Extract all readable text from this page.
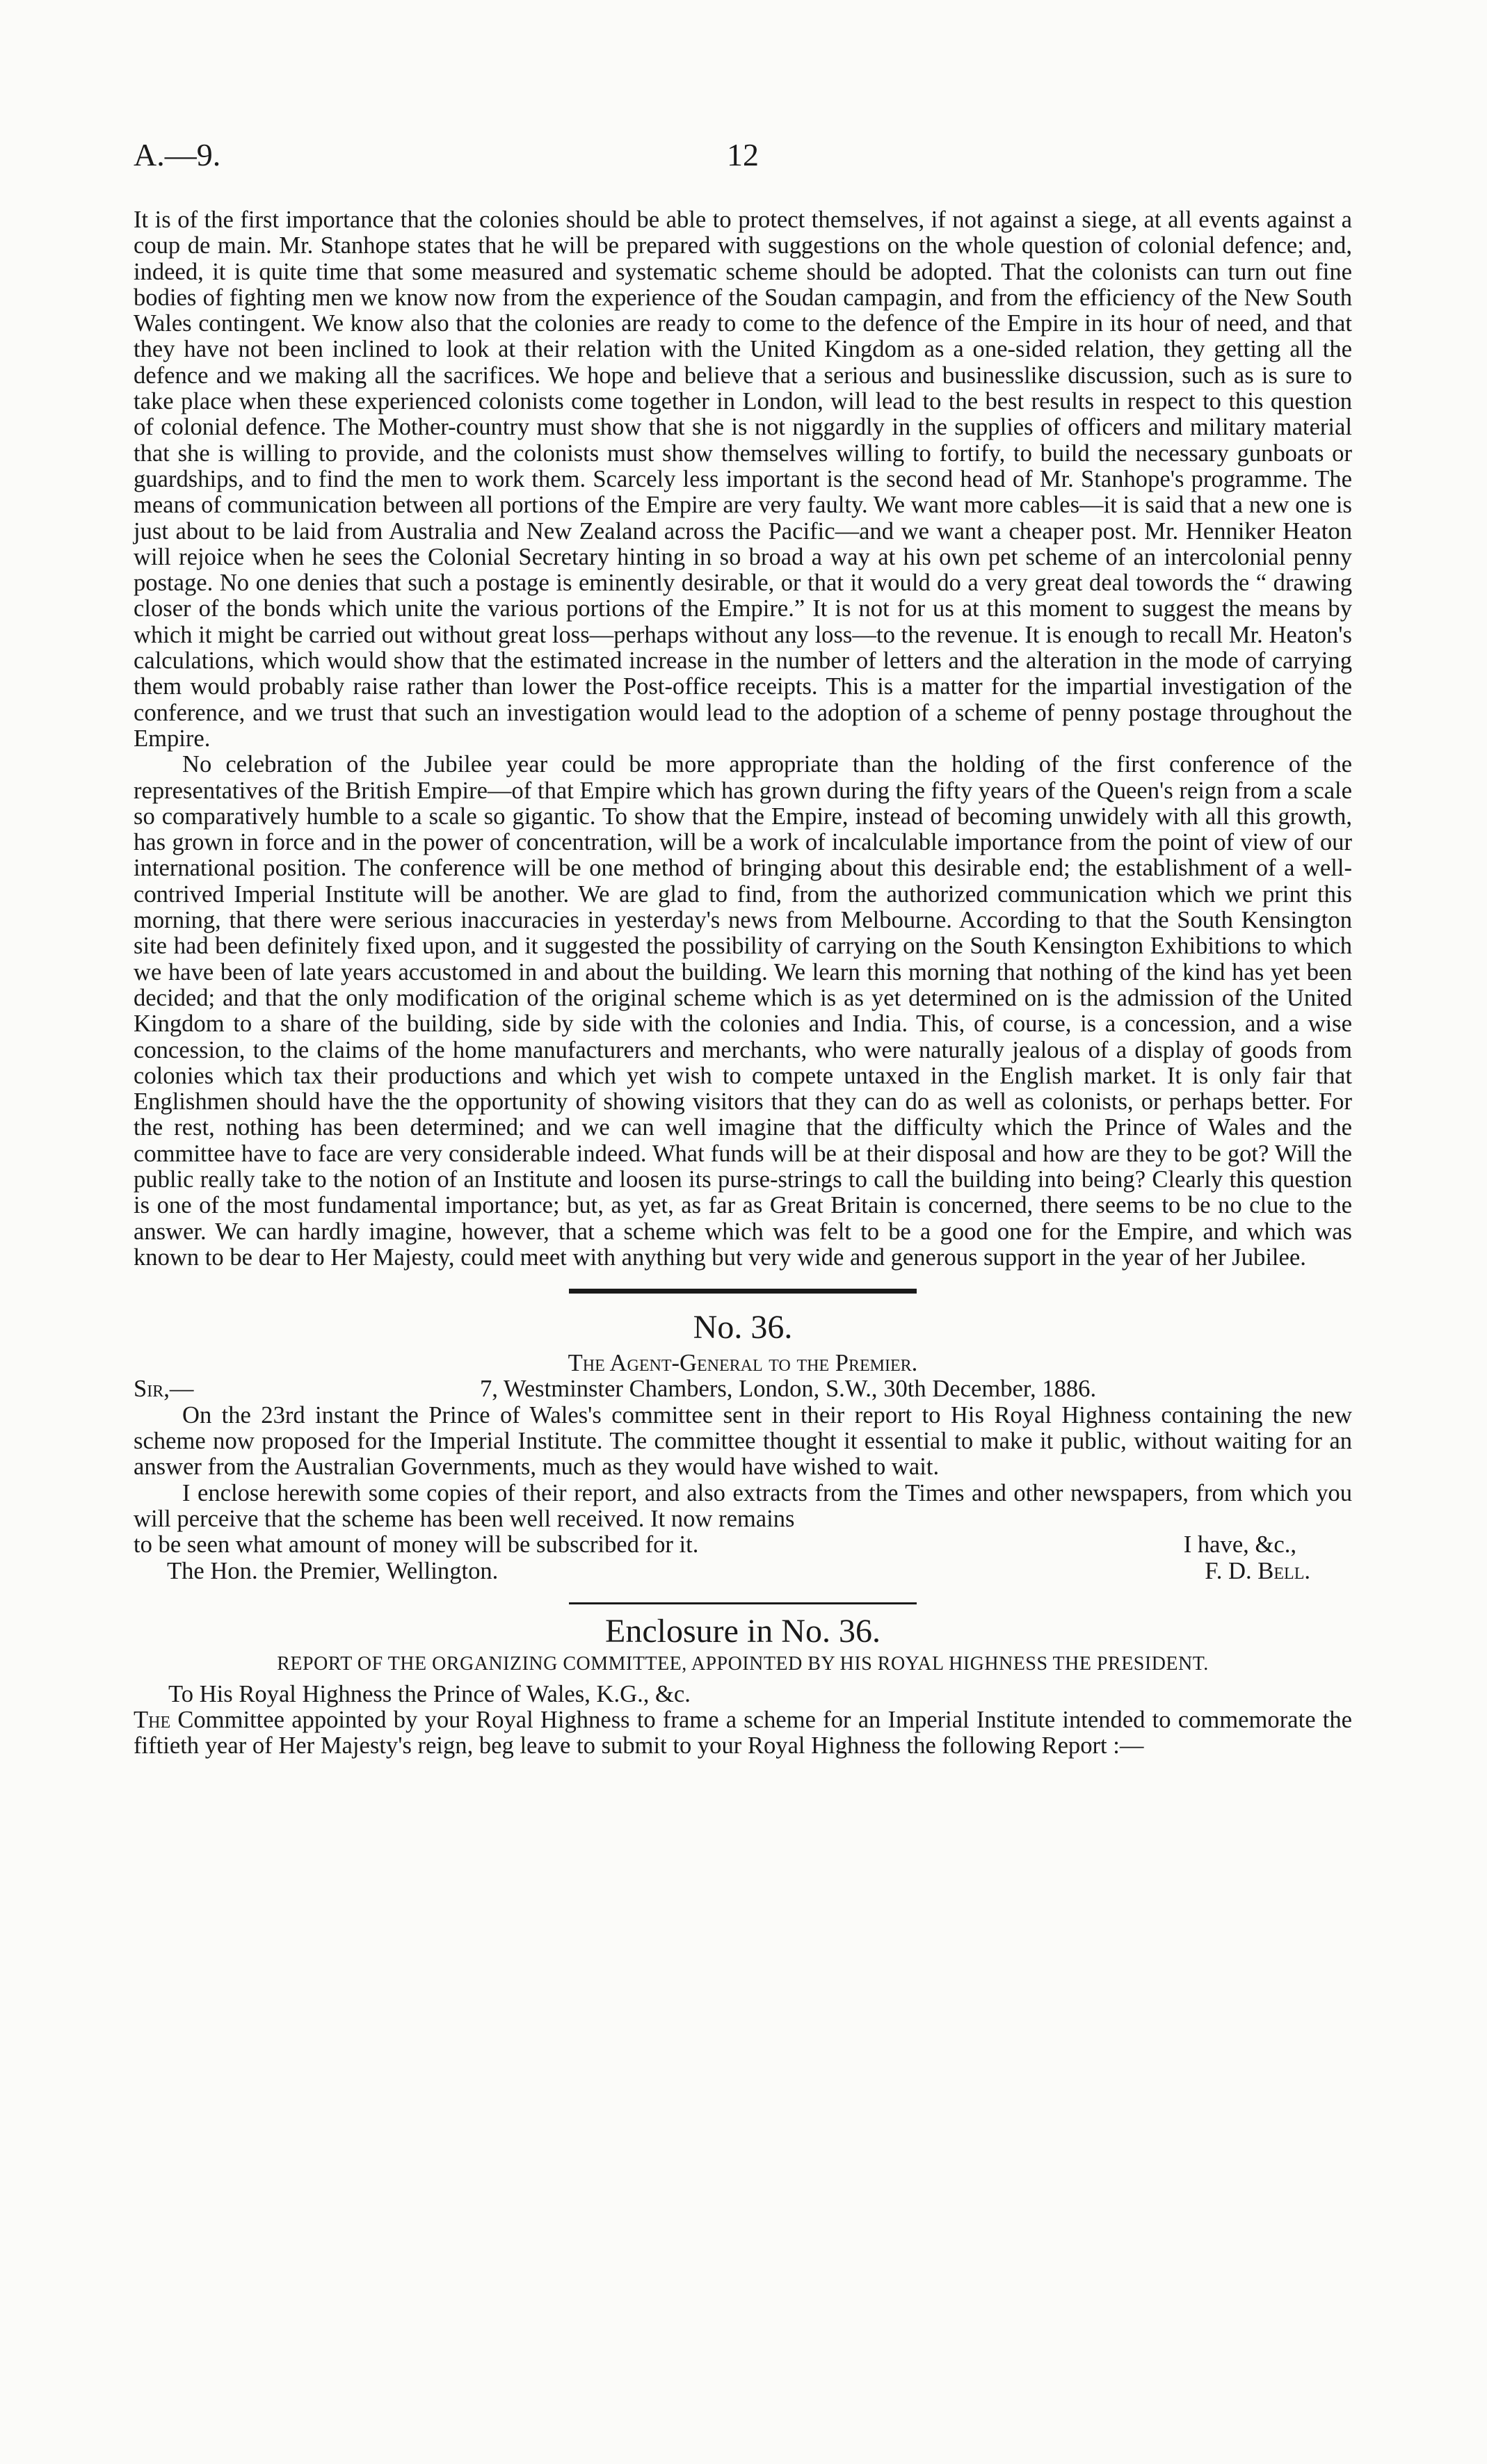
A.—9.	12

It is of the first importance that the colonies should be able to protect themselves, if not against a siege, at all events against a coup de main. Mr. Stanhope states that he will be prepared with suggestions on the whole question of colonial defence; and, indeed, it is quite time that some measured and systematic scheme should be adopted. That the colonists can turn out fine bodies of fighting men we know now from the experience of the Soudan campagin, and from the efficiency of the New South Wales contingent. We know also that the colonies are ready to come to the defence of the Empire in its hour of need, and that they have not been inclined to look at their relation with the United Kingdom as a one-sided relation, they getting all the defence and we making all the sacrifices. We hope and believe that a serious and businesslike discussion, such as is sure to take place when these experienced colonists come together in London, will lead to the best results in respect to this question of colonial defence. The Mother-country must show that she is not niggardly in the supplies of officers and military material that she is willing to provide, and the colonists must show themselves willing to fortify, to build the necessary gunboats or guardships, and to find the men to work them. Scarcely less important is the second head of Mr. Stanhope's programme. The means of communication between all portions of the Empire are very faulty. We want more cables—it is said that a new one is just about to be laid from Australia and New Zealand across the Pacific—and we want a cheaper post. Mr. Henniker Heaton will rejoice when he sees the Colonial Secretary hinting in so broad a way at his own pet scheme of an intercolonial penny postage. No one denies that such a postage is eminently desirable, or that it would do a very great deal towords the “ drawing closer of the bonds which unite the various portions of the Empire.” It is not for us at this moment to suggest the means by which it might be carried out without great loss—perhaps without any loss—to the revenue. It is enough to recall Mr. Heaton's calculations, which would show that the estimated increase in the number of letters and the alteration in the mode of carrying them would probably raise rather than lower the Post-office receipts. This is a matter for the impartial investigation of the conference, and we trust that such an investigation would lead to the adoption of a scheme of penny postage throughout the Empire.

No celebration of the Jubilee year could be more appropriate than the holding of the first conference of the representatives of the British Empire—of that Empire which has grown during the fifty years of the Queen's reign from a scale so comparatively humble to a scale so gigantic. To show that the Empire, instead of becoming unwidely with all this growth, has grown in force and in the power of concentration, will be a work of incalculable importance from the point of view of our international position. The conference will be one method of bringing about this desirable end; the establishment of a well-contrived Imperial Institute will be another. We are glad to find, from the authorized communication which we print this morning, that there were serious inaccuracies in yesterday's news from Melbourne. According to that the South Kensington site had been definitely fixed upon, and it suggested the possibility of carrying on the South Kensington Exhibitions to which we have been of late years accustomed in and about the building. We learn this morning that nothing of the kind has yet been decided; and that the only modification of the original scheme which is as yet determined on is the admission of the United Kingdom to a share of the building, side by side with the colonies and India. This, of course, is a concession, and a wise concession, to the claims of the home manufacturers and merchants, who were naturally jealous of a display of goods from colonies which tax their productions and which yet wish to compete untaxed in the English market. It is only fair that Englishmen should have the the opportunity of showing visitors that they can do as well as colonists, or perhaps better. For the rest, nothing has been determined; and we can well imagine that the difficulty which the Prince of Wales and the committee have to face are very considerable indeed. What funds will be at their disposal and how are they to be got? Will the public really take to the notion of an Institute and loosen its purse-strings to call the building into being? Clearly this question is one of the most fundamental importance; but, as yet, as far as Great Britain is concerned, there seems to be no clue to the answer. We can hardly imagine, however, that a scheme which was felt to be a good one for the Empire, and which was known to be dear to Her Majesty, could meet with anything but very wide and generous support in the year of her Jubilee.

No. 36.
The Agent-General to the Premier.
Sir,—	7, Westminster Chambers, London, S.W., 30th December, 1886.

On the 23rd instant the Prince of Wales's committee sent in their report to His Royal Highness containing the new scheme now proposed for the Imperial Institute. The committee thought it essential to make it public, without waiting for an answer from the Australian Governments, much as they would have wished to wait.

I enclose herewith some copies of their report, and also extracts from the Times and other newspapers, from which you will perceive that the scheme has been well received. It now remains

to be seen what amount of money will be subscribed for it.	I have, &c.,
The Hon. the Premier, Wellington.	F. D. Bell.
Enclosure in No. 36.
REPORT OF THE ORGANIZING COMMITTEE, APPOINTED BY HIS ROYAL HIGHNESS THE PRESIDENT.

To His Royal Highness the Prince of Wales, K.G., &c.

The Committee appointed by your Royal Highness to frame a scheme for an Imperial Institute intended to commemorate the fiftieth year of Her Majesty's reign, beg leave to submit to your Royal Highness the following Report :—
